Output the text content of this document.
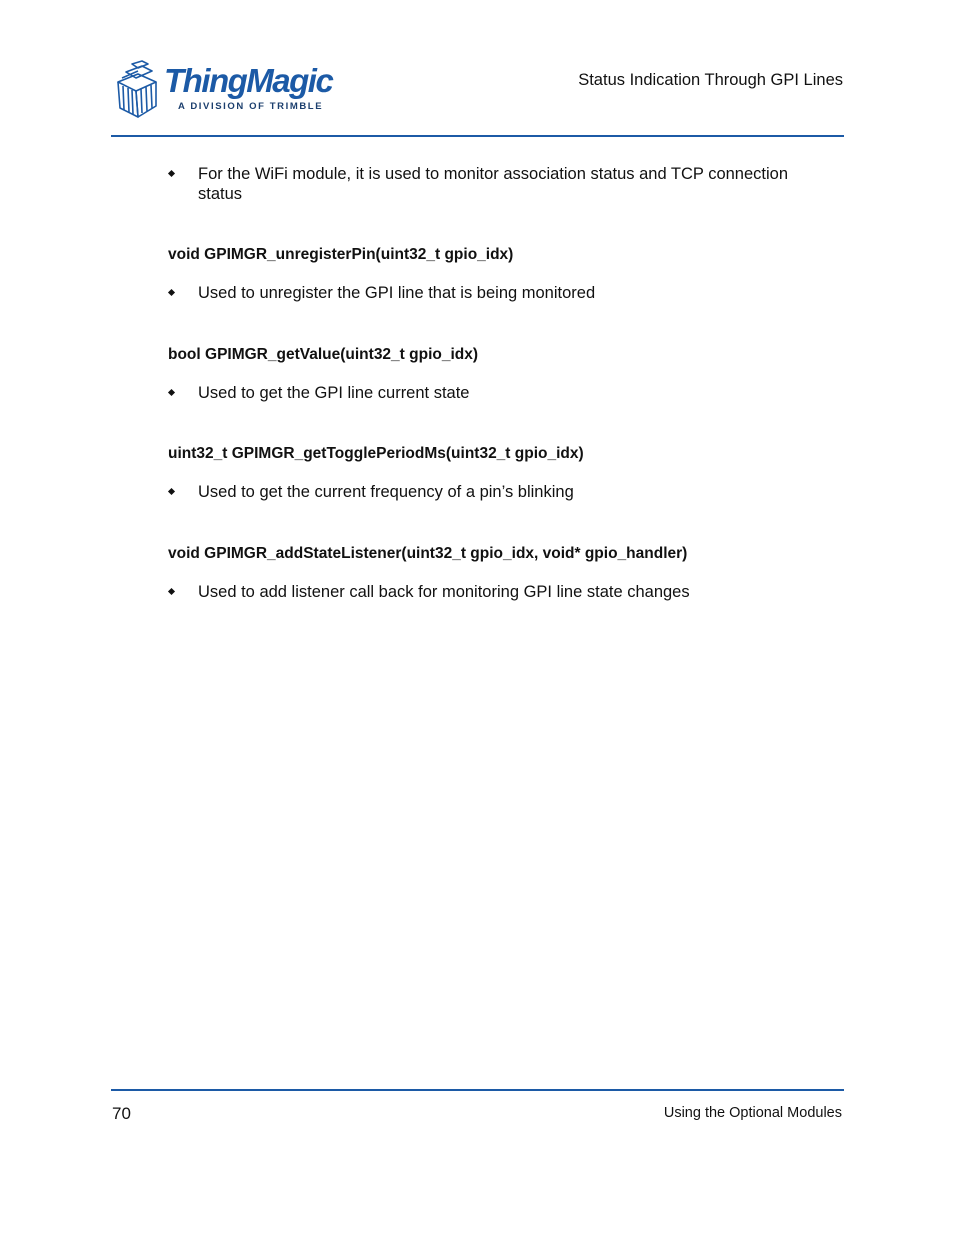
ThingMagic
A DIVISION OF TRIMBLE
Status Indication Through GPI Lines
For the WiFi module, it is used to monitor association status and TCP connection status
void GPIMGR_unregisterPin(uint32_t gpio_idx)
Used to unregister the GPI line that is being monitored
bool GPIMGR_getValue(uint32_t gpio_idx)
Used to get the GPI line current state
uint32_t GPIMGR_getTogglePeriodMs(uint32_t gpio_idx)
Used to get the current frequency of a pin’s blinking
void GPIMGR_addStateListener(uint32_t gpio_idx, void* gpio_handler)
Used to add listener call back for monitoring GPI line state changes
70	Using the Optional Modules
